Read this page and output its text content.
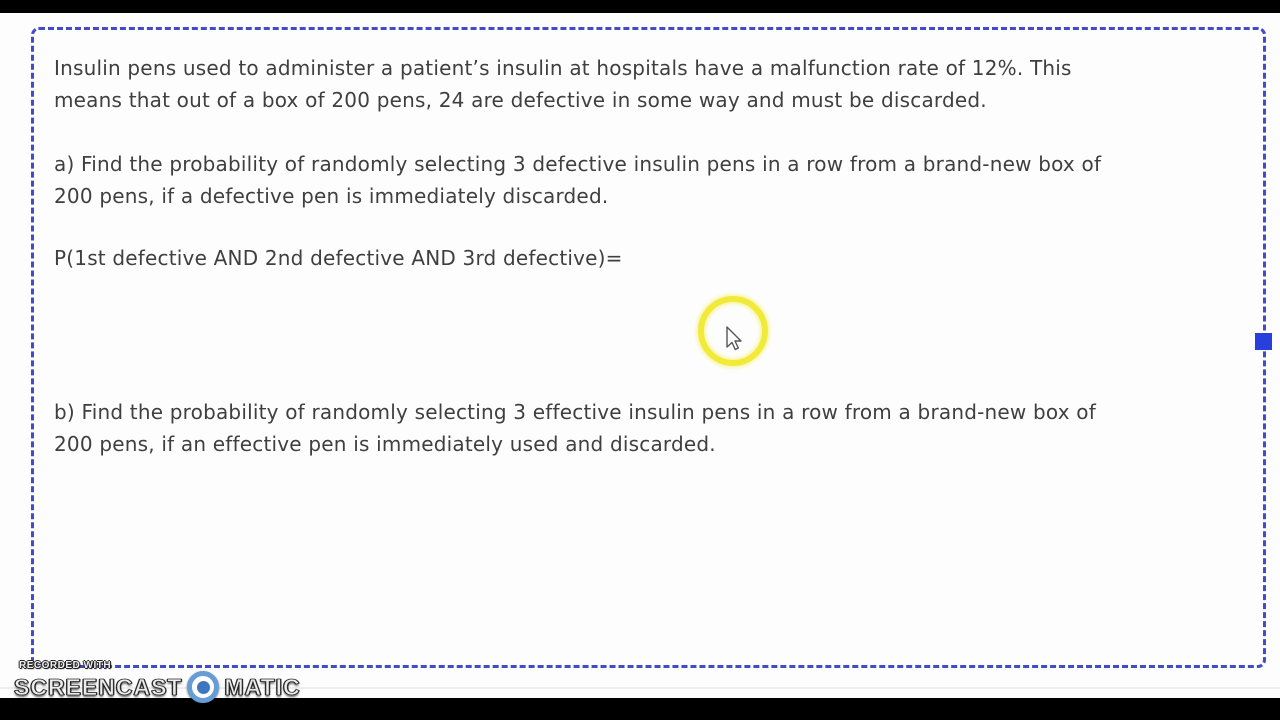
Insulin pens used to administer a patient’s insulin at hospitals have a malfunction rate of 12%. This
means that out of a box of 200 pens, 24 are defective in some way and must be discarded.
a) Find the probability of randomly selecting 3 defective insulin pens in a row from a brand-new box of
200 pens, if a defective pen is immediately discarded.
P(1st defective AND 2nd defective AND 3rd defective)=
b) Find the probability of randomly selecting 3 effective insulin pens in a row from a brand-new box of
200 pens, if an effective pen is immediately used and discarded.
RECORDED WITH
SCREENCAST MATIC
